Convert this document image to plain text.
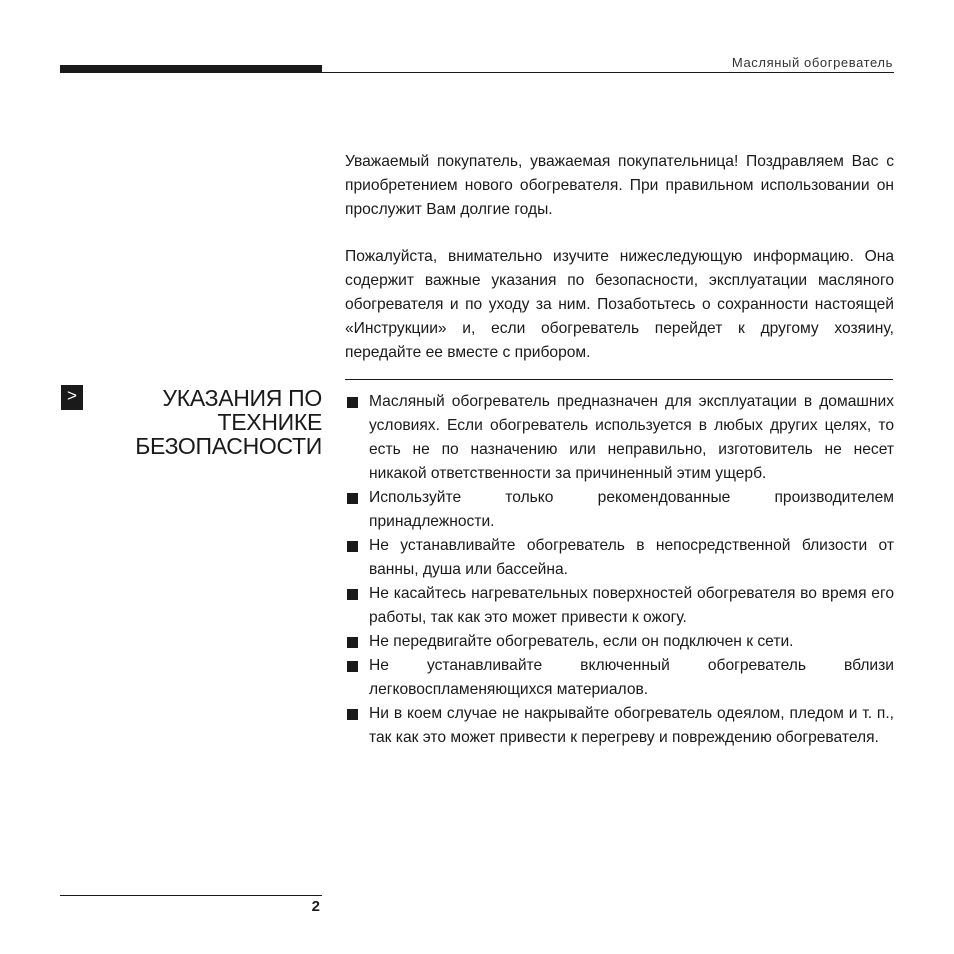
Масляный обогреватель

Уважаемый покупатель, уважаемая покупательница! Поздравляем Вас с приобретением нового обогревателя. При правильном использовании он прослужит Вам долгие годы.

Пожалуйста, внимательно изучите нижеследующую информацию. Она содержит важные указания по безопасности, эксплуатации масляного обогревателя и по уходу за ним. Позаботьтесь о сохранности настоящей «Инструкции» и, если обогреватель перейдет к другому хозяину, передайте ее вместе с прибором.

>	УКАЗАНИЯ ПО
ТЕХНИКЕ
БЕЗОПАСНОСТИ
Масляный обогреватель предназначен для эксплуатации в домашних условиях. Если обогреватель используется в любых других целях, то есть не по назначению или неправильно, изготовитель не несет никакой ответственности за причиненный этим ущерб.
Используйте только рекомендованные производителем принадлежности.
Не устанавливайте обогреватель в непосредственной близости от ванны, душа или бассейна.
Не касайтесь нагревательных поверхностей обогревателя во время его работы, так как это может привести к ожогу.
Не передвигайте обогреватель, если он подключен к сети.
Не устанавливайте включенный обогреватель вблизи легковоспламеняющихся материалов.
Ни в коем случае не накрывайте обогреватель одеялом, пледом и т. п., так как это может привести к перегреву и повреждению обогревателя.
2
